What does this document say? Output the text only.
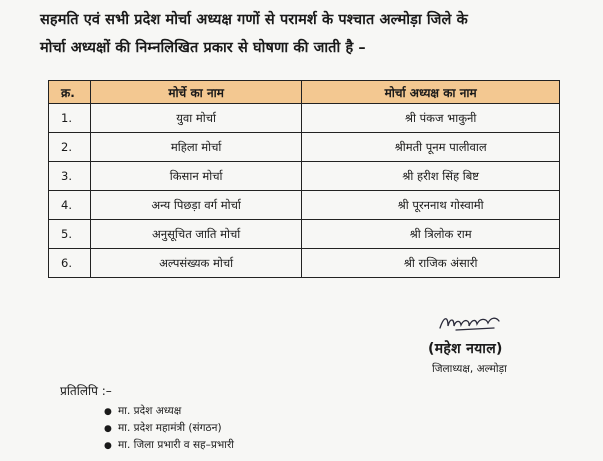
सहमति एवं सभी प्रदेश मोर्चा अध्यक्ष गणों से परामर्श के पश्चात अल्मोड़ा जिले के
मोर्चा अध्यक्षों की निम्नलिखित प्रकार से घोषणा की जाती है –
क्र.	मोर्चे का नाम	मोर्चा अध्यक्ष का नाम
1.	युवा मोर्चा	श्री पंकज भाकुनी
2.	महिला मोर्चा	श्रीमती पूनम पालीवाल
3.	किसान मोर्चा	श्री हरीश सिंह बिष्ट
4.	अन्य पिछड़ा वर्ग मोर्चा	श्री पूरननाथ गोस्वामी
5.	अनुसूचित जाति मोर्चा	श्री त्रिलोक राम
6.	अल्पसंख्यक मोर्चा	श्री राजिक अंसारी
(महेश नयाल)
जिलाध्यक्ष, अल्मोड़ा
प्रतिलिपि :–
● मा. प्रदेश अध्यक्ष
● मा. प्रदेश महामंत्री (संगठन)
● मा. जिला प्रभारी व सह–प्रभारी
